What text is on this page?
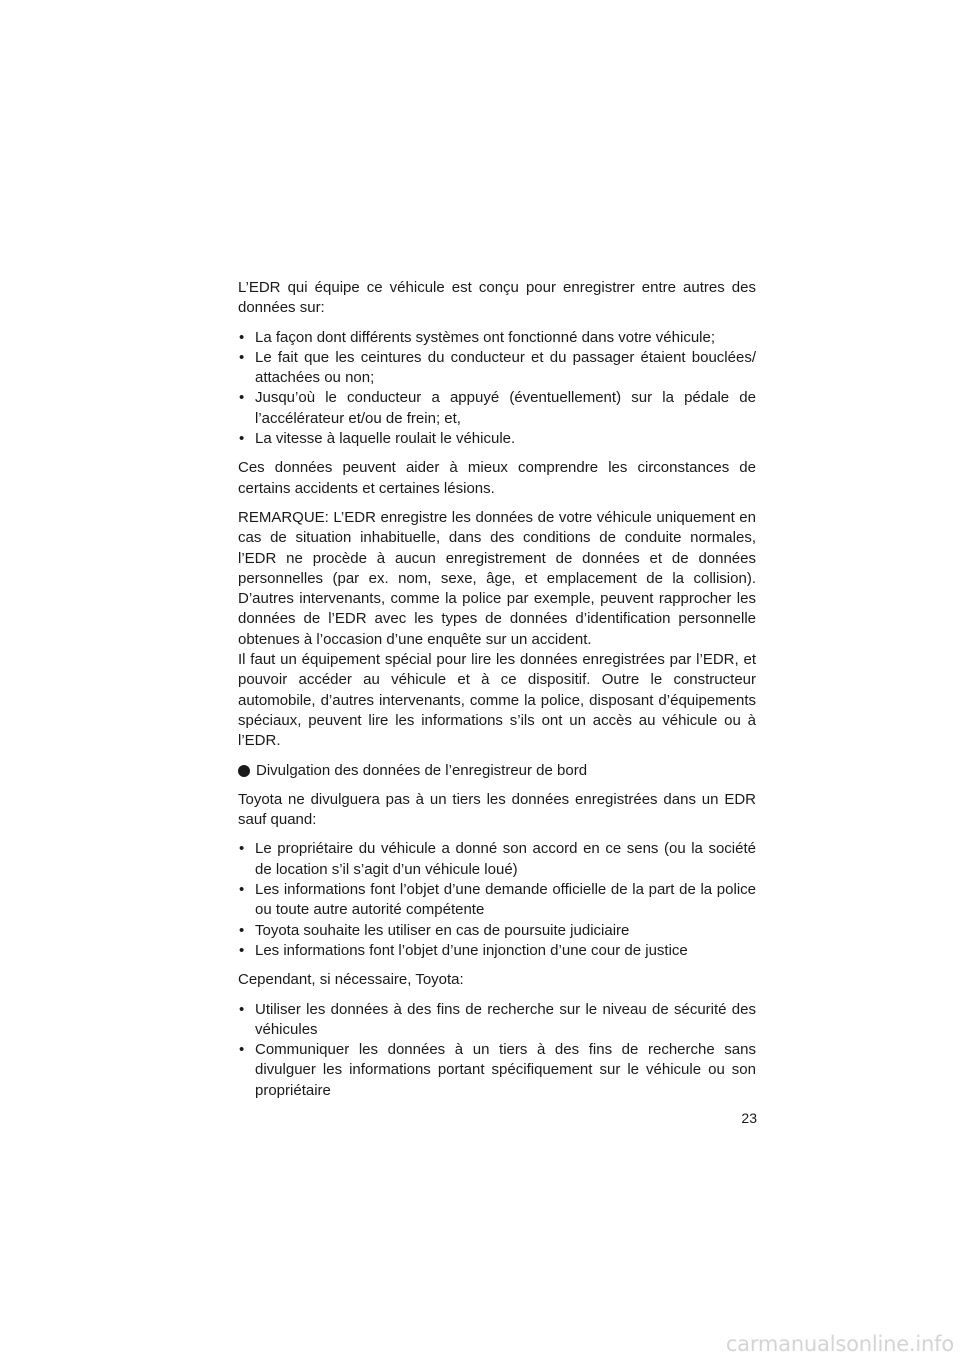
L’EDR qui équipe ce véhicule est conçu pour enregistrer entre autres des données sur:

• La façon dont différents systèmes ont fonctionné dans votre véhicule;
• Le fait que les ceintures du conducteur et du passager étaient bouclées/ attachées ou non;
• Jusqu’où le conducteur a appuyé (éventuellement) sur la pédale de l’accélérateur et/ou de frein; et,
• La vitesse à laquelle roulait le véhicule.

Ces données peuvent aider à mieux comprendre les circonstances de certains accidents et certaines lésions.

REMARQUE: L’EDR enregistre les données de votre véhicule uniquement en cas de situation inhabituelle, dans des conditions de conduite normales, l’EDR ne procède à aucun enregistrement de données et de données personnelles (par ex. nom, sexe, âge, et emplacement de la collision). D’autres intervenants, comme la police par exemple, peuvent rapprocher les données de l’EDR avec les types de données d’identification personnelle obtenues à l’occasion d’une enquête sur un accident.

Il faut un équipement spécial pour lire les données enregistrées par l’EDR, et pouvoir accéder au véhicule et à ce dispositif. Outre le constructeur automobile, d’autres intervenants, comme la police, disposant d’équipements spéciaux, peuvent lire les informations s’ils ont un accès au véhicule ou à l’EDR.

Divulgation des données de l’enregistreur de bord

Toyota ne divulguera pas à un tiers les données enregistrées dans un EDR sauf quand:

• Le propriétaire du véhicule a donné son accord en ce sens (ou la société de location s’il s’agit d’un véhicule loué)
• Les informations font l’objet d’une demande officielle de la part de la police ou toute autre autorité compétente
• Toyota souhaite les utiliser en cas de poursuite judiciaire
• Les informations font l’objet d’une injonction d’une cour de justice

Cependant, si nécessaire, Toyota:

• Utiliser les données à des fins de recherche sur le niveau de sécurité des véhicules
• Communiquer les données à un tiers à des fins de recherche sans divulguer les informations portant spécifiquement sur le véhicule ou son propriétaire
23
carmanualsonline.info
